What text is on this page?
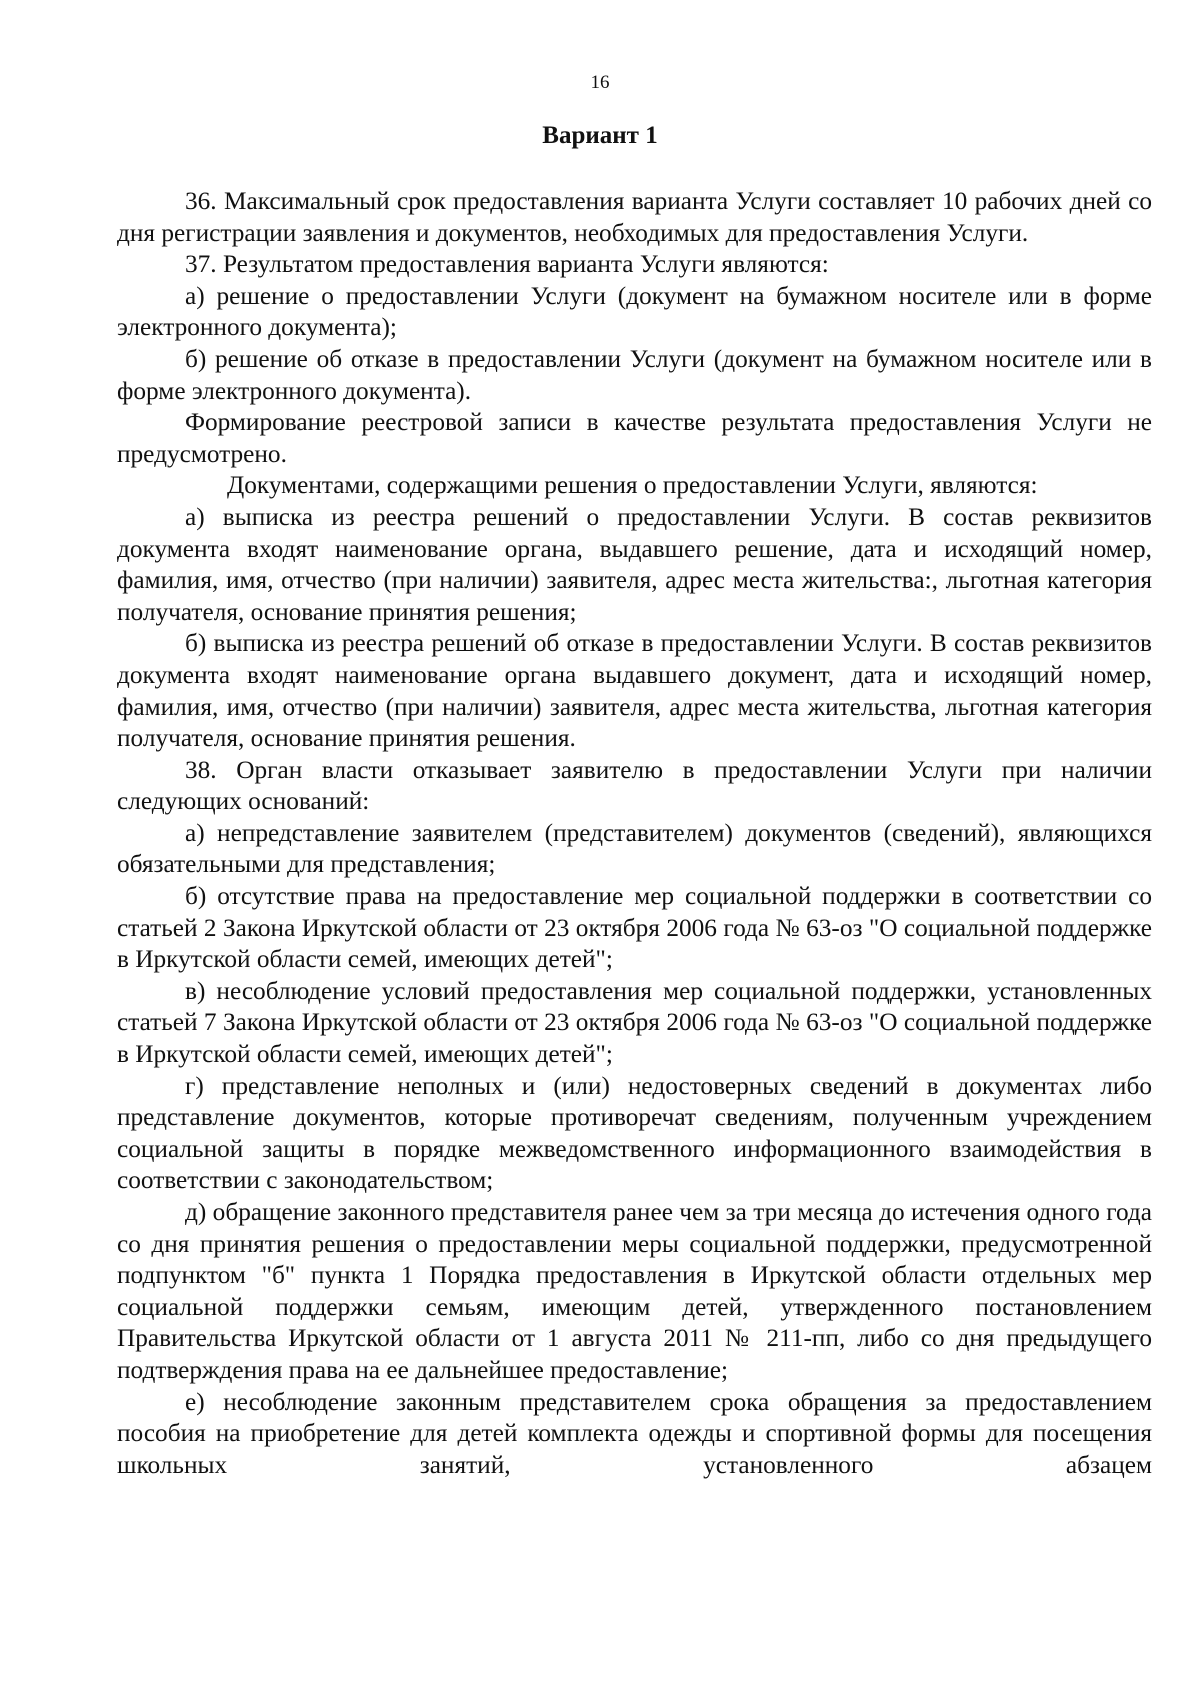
16
Вариант 1

36. Максимальный срок предоставления варианта Услуги составляет 10 рабочих дней со дня регистрации заявления и документов, необходимых для предоставления Услуги.

37. Результатом предоставления варианта Услуги являются:

а) решение о предоставлении Услуги (документ на бумажном носителе или в форме электронного документа);

б) решение об отказе в предоставлении Услуги (документ на бумажном носителе или в форме электронного документа).

Формирование реестровой записи в качестве результата предоставления Услуги не предусмотрено.

Документами, содержащими решения о предоставлении Услуги, являются:

а) выписка из реестра решений о предоставлении Услуги. В состав реквизитов документа входят наименование органа, выдавшего решение, дата и исходящий номер, фамилия, имя, отчество (при наличии) заявителя, адрес места жительства:, льготная категория получателя, основание принятия решения;

б) выписка из реестра решений об отказе в предоставлении Услуги. В состав реквизитов документа входят наименование органа выдавшего документ, дата и исходящий номер, фамилия, имя, отчество (при наличии) заявителя, адрес места жительства, льготная категория получателя, основание принятия решения.

38. Орган власти отказывает заявителю в предоставлении Услуги при наличии следующих оснований:

а) непредставление заявителем (представителем) документов (сведений), являющихся обязательными для представления;

б) отсутствие права на предоставление мер социальной поддержки в соответствии со статьей 2 Закона Иркутской области от 23 октября 2006 года № 63-оз "О социальной поддержке в Иркутской области семей, имеющих детей";

в) несоблюдение условий предоставления мер социальной поддержки, установленных статьей 7 Закона Иркутской области от 23 октября 2006 года № 63-оз "О социальной поддержке в Иркутской области семей, имеющих детей";

г) представление неполных и (или) недостоверных сведений в документах либо представление документов, которые противоречат сведениям, полученным учреждением социальной защиты в порядке межведомственного информационного взаимодействия в соответствии с законодательством;

д) обращение законного представителя ранее чем за три месяца до истечения одного года со дня принятия решения о предоставлении меры социальной поддержки, предусмотренной подпунктом "б" пункта 1 Порядка предоставления в Иркутской области отдельных мер социальной поддержки семьям, имеющим детей, утвержденного постановлением Правительства Иркутской области от 1 августа 2011 № 211-пп, либо со дня предыдущего подтверждения права на ее дальнейшее предоставление;

е) несоблюдение законным представителем срока обращения за предоставлением пособия на приобретение для детей комплекта одежды и спортивной формы для посещения школьных занятий, установленного абзацем
